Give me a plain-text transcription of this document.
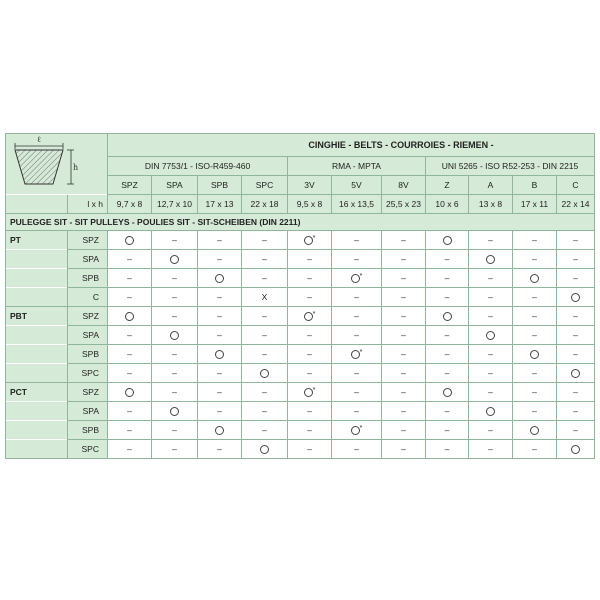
ℓ
h		CINGHIE - BELTS - COURROIES - RIEMEN -										
		DIN 7753/1 - ISO-R459-460				RMA - MPTA			UNI 5265 - ISO R52-253 - DIN 2215			
		SPZ	SPA	SPB	SPC	3V	5V	8V	Z	A	B	C
	l x h	9,7 x 8	12,7 x 10	17 x 13	22 x 18	9,5 x 8	16 x 13,5	25,5 x 23	10 x 6	13 x 8	17 x 11	22 x 14
PULEGGE SIT - SIT PULLEYS - POULIES SIT - SIT-SCHEIBEN (DIN 2211)												
PT	SPZ		–	–	–	*	–	–		–	–	–
	SPA	–		–	–	–	–	–	–		–	–
	SPB	–	–		–	–	*	–	–	–		–
	C	–	–	–	X	–	–	–	–	–	–	
PBT	SPZ		–	–	–	*	–	–		–	–	–
	SPA	–		–	–	–	–	–	–		–	–
	SPB	–	–		–	–	*	–	–	–		–
	SPC	–	–	–		–	–	–	–	–	–	
PCT	SPZ		–	–	–	*	–	–		–	–	–
	SPA	–		–	–	–	–	–	–		–	–
	SPB	–	–		–	–	*	–	–	–		–
	SPC	–	–	–		–	–	–	–	–	–	
